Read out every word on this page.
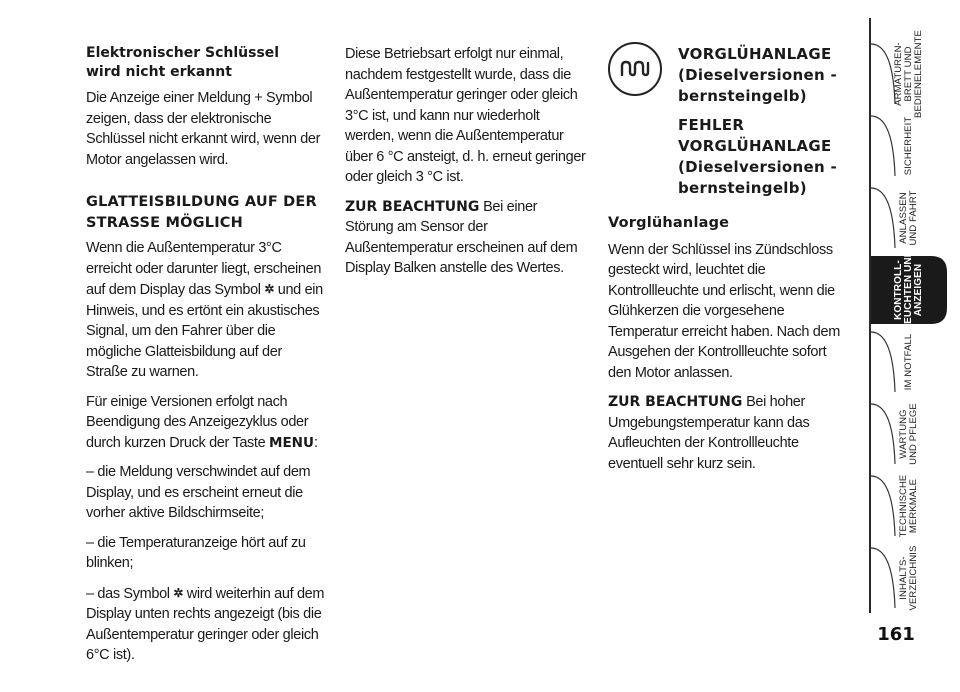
Elektronischer Schlüssel
wird nicht erkannt

Die Anzeige einer Meldung + Symbol zeigen, dass der elektronische Schlüssel nicht erkannt wird, wenn der Motor angelassen wird.

GLATTEISBILDUNG AUF DER STRASSE MÖGLICH

Wenn die Außentemperatur 3°C erreicht oder darunter liegt, erscheinen auf dem Display das Symbol ✲ und ein Hinweis, und es ertönt ein akustisches Signal, um den Fahrer über die mögliche Glatteisbildung auf der Straße zu warnen.

Für einige Versionen erfolgt nach Beendigung des Anzeigezyklus oder durch kurzen Druck der Taste MENU:

– die Meldung verschwindet auf dem Display, und es erscheint erneut die vorher aktive Bildschirmseite;

– die Temperaturanzeige hört auf zu blinken;

– das Symbol ✲ wird weiterhin auf dem Display unten rechts angezeigt (bis die Außentemperatur geringer oder gleich 6°C ist).

Diese Betriebsart erfolgt nur einmal, nachdem festgestellt wurde, dass die Außentemperatur geringer oder gleich 3°C ist, und kann nur wiederholt werden, wenn die Außentemperatur über 6 °C ansteigt, d. h. erneut geringer oder gleich 3 °C ist.

ZUR BEACHTUNG Bei einer Störung am Sensor der Außentemperatur erscheinen auf dem Display Balken anstelle des Wertes.

VORGLÜHANLAGE (Dieselversionen - bernsteingelb)
FEHLER VORGLÜHANLAGE (Dieselversionen - bernsteingelb)
Vorglühanlage

Wenn der Schlüssel ins Zündschloss gesteckt wird, leuchtet die Kontrollleuchte und erlischt, wenn die Glühkerzen die vorgesehene Temperatur erreicht haben. Nach dem Ausgehen der Kontrollleuchte sofort den Motor anlassen.

ZUR BEACHTUNG Bei hoher Umgebungstemperatur kann das Aufleuchten der Kontrollleuchte eventuell sehr kurz sein.

ARMATUREN-
BRETT UND
BEDIENELEMENTE
SICHERHEIT
ANLASSEN
UND FAHRT
KONTROLL-
LEUCHTEN UND
ANZEIGEN
IM NOTFALL
WARTUNG
UND PFLEGE
TECHNISCHE
MERKMALE
INHALTS-
VERZEICHNIS
161
